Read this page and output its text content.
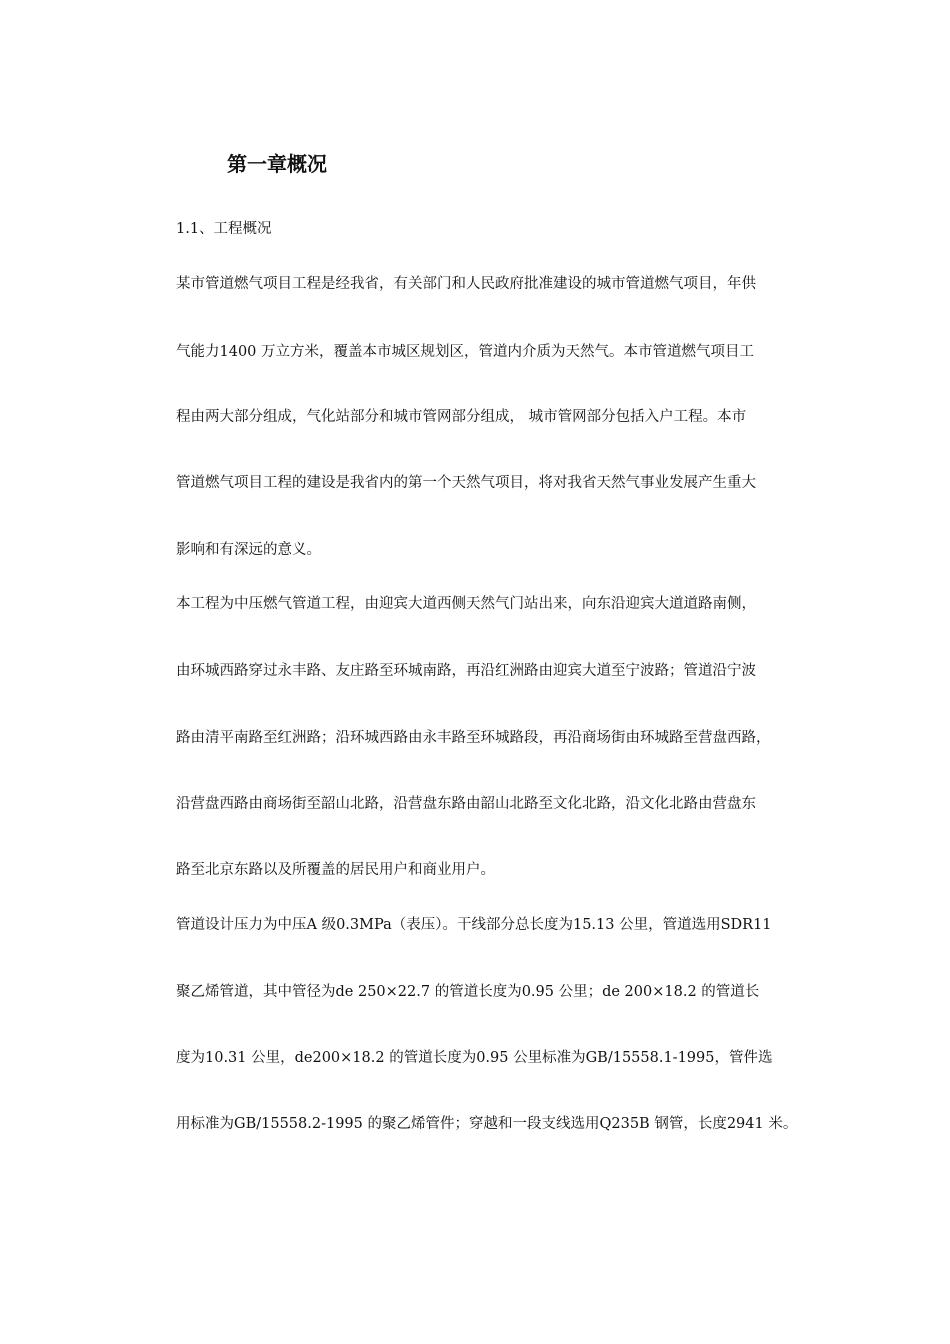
第一章概况
1.1、工程概况
某市管道燃气项目工程是经我省，有关部门和人民政府批准建设的城市管道燃气项目，年供
气能力1400 万立方米，覆盖本市城区规划区，管道内介质为天然气。本市管道燃气项目工
程由两大部分组成，气化站部分和城市管网部分组成， 城市管网部分包括入户工程。本市
管道燃气项目工程的建设是我省内的第一个天然气项目，将对我省天然气事业发展产生重大
影响和有深远的意义。
本工程为中压燃气管道工程，由迎宾大道西侧天然气门站出来，向东沿迎宾大道道路南侧，
由环城西路穿过永丰路、友庄路至环城南路，再沿红洲路由迎宾大道至宁波路；管道沿宁波
路由清平南路至红洲路；沿环城西路由永丰路至环城路段，再沿商场街由环城路至营盘西路，
沿营盘西路由商场街至韶山北路，沿营盘东路由韶山北路至文化北路，沿文化北路由营盘东
路至北京东路以及所覆盖的居民用户和商业用户。
管道设计压力为中压A 级0.3MPa（表压）。干线部分总长度为15.13 公里，管道选用SDR11
聚乙烯管道，其中管径为de 250×22.7 的管道长度为0.95 公里；de 200×18.2 的管道长
度为10.31 公里，de200×18.2 的管道长度为0.95 公里标准为GB/15558.1-1995，管件选
用标准为GB/15558.2-1995 的聚乙烯管件；穿越和一段支线选用Q235B 钢管，长度2941 米。
